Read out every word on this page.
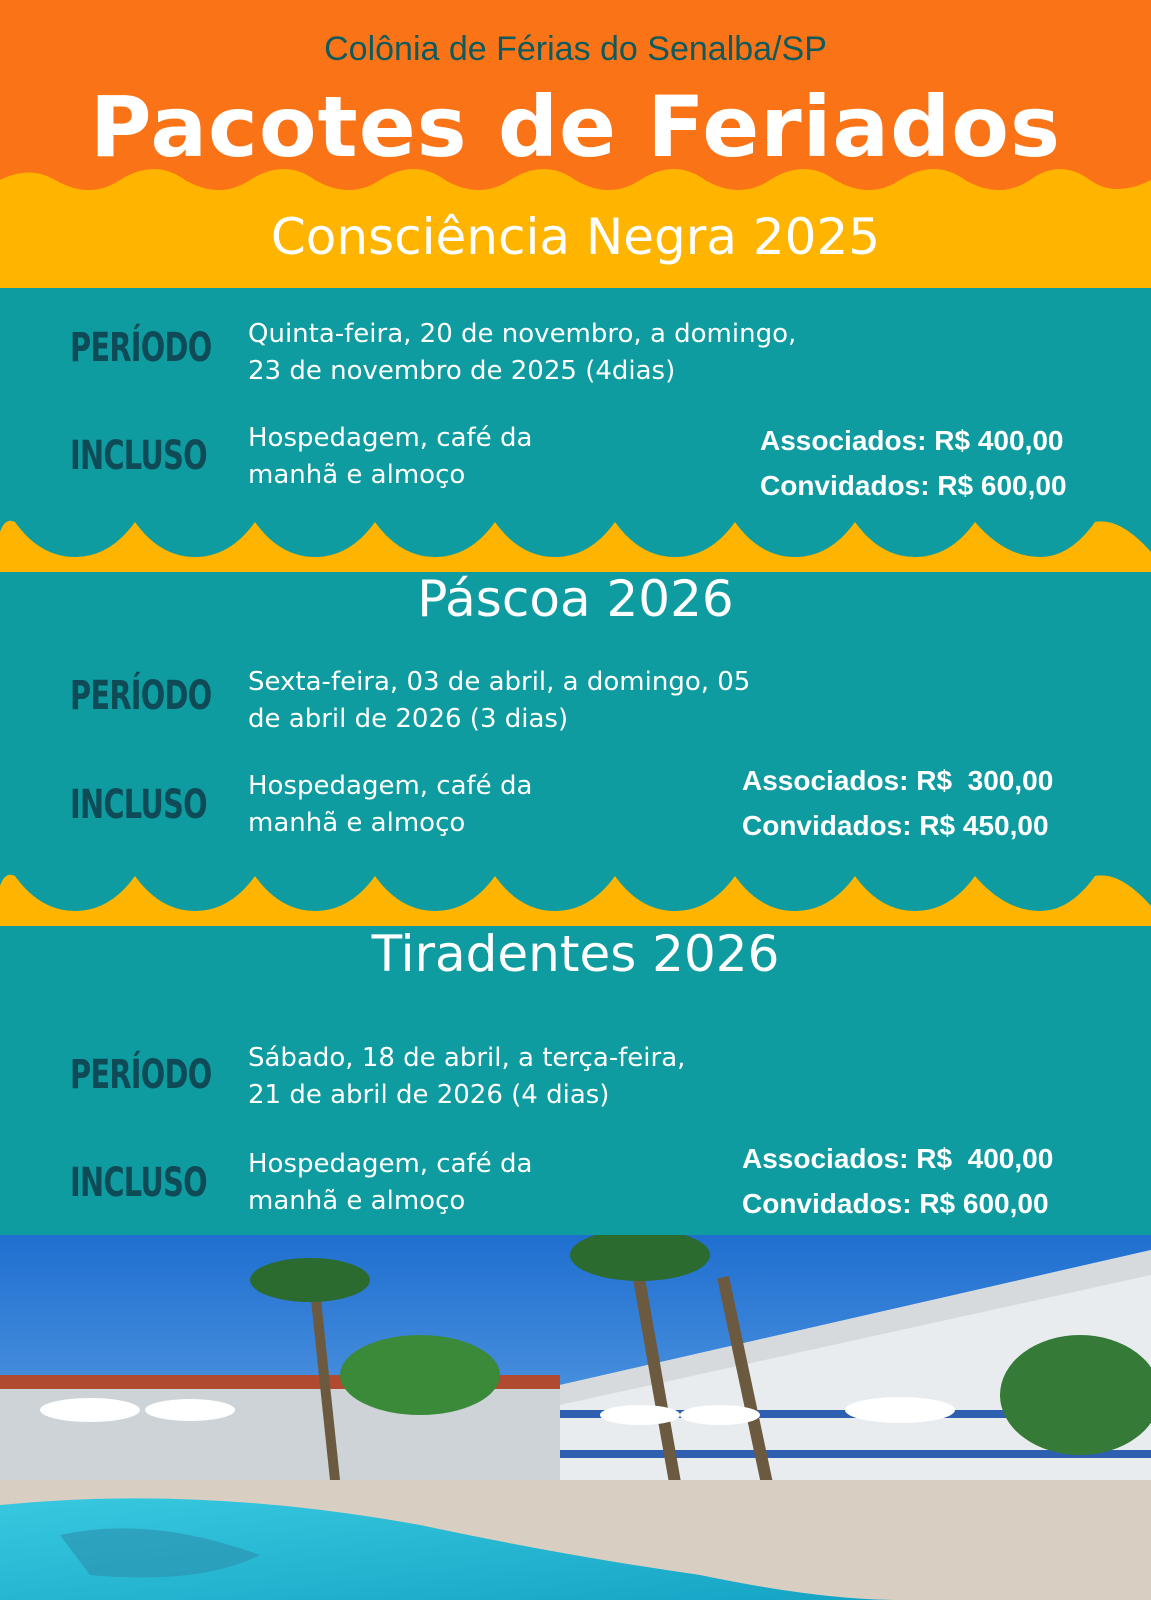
Colônia de Férias do Senalba/SP
Pacotes de Feriados
Consciência Negra 2025
PERÍODO Quinta-feira, 20 de novembro, a domingo,
23 de novembro de 2025 (4dias)
INCLUSO Hospedagem, café da
manhã e almoço
Associados: R$ 400,00
Convidados: R$ 600,00
Páscoa 2026
PERÍODO Sexta-feira, 03 de abril, a domingo, 05
de abril de 2026 (3 dias)
INCLUSO Hospedagem, café da
manhã e almoço
Associados: R$  300,00
Convidados: R$ 450,00
Tiradentes 2026
PERÍODO Sábado, 18 de abril, a terça-feira,
21 de abril de 2026 (4 dias)
INCLUSO Hospedagem, café da
manhã e almoço
Associados: R$  400,00
Convidados: R$ 600,00
